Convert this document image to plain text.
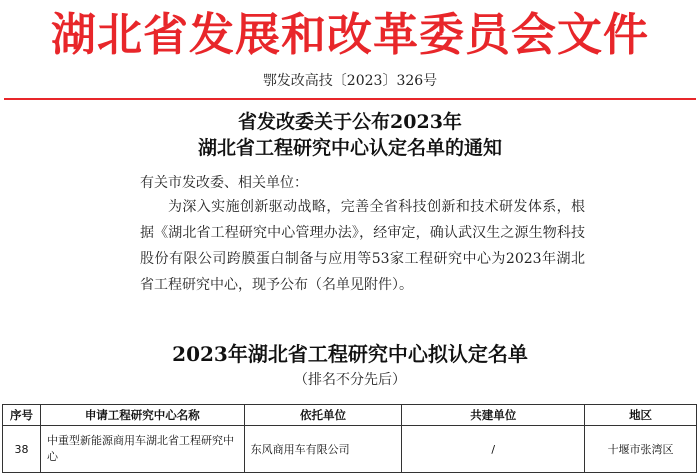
湖北省发展和改革委员会文件
鄂发改高技〔2023〕326号
省发改委关于公布2023年
湖北省工程研究中心认定名单的通知
有关市发改委、相关单位：
为深入实施创新驱动战略，完善全省科技创新和技术研发体系，根据《湖北省工程研究中心管理办法》，经审定，确认武汉生之源生物科技股份有限公司跨膜蛋白制备与应用等53家工程研究中心为2023年湖北省工程研究中心，现予公布（名单见附件）。
2023年湖北省工程研究中心拟认定名单
（排名不分先后）
序号	申请工程研究中心名称	依托单位	共建单位	地区
38	中重型新能源商用车湖北省工程研究中心	东风商用车有限公司	/	十堰市张湾区
